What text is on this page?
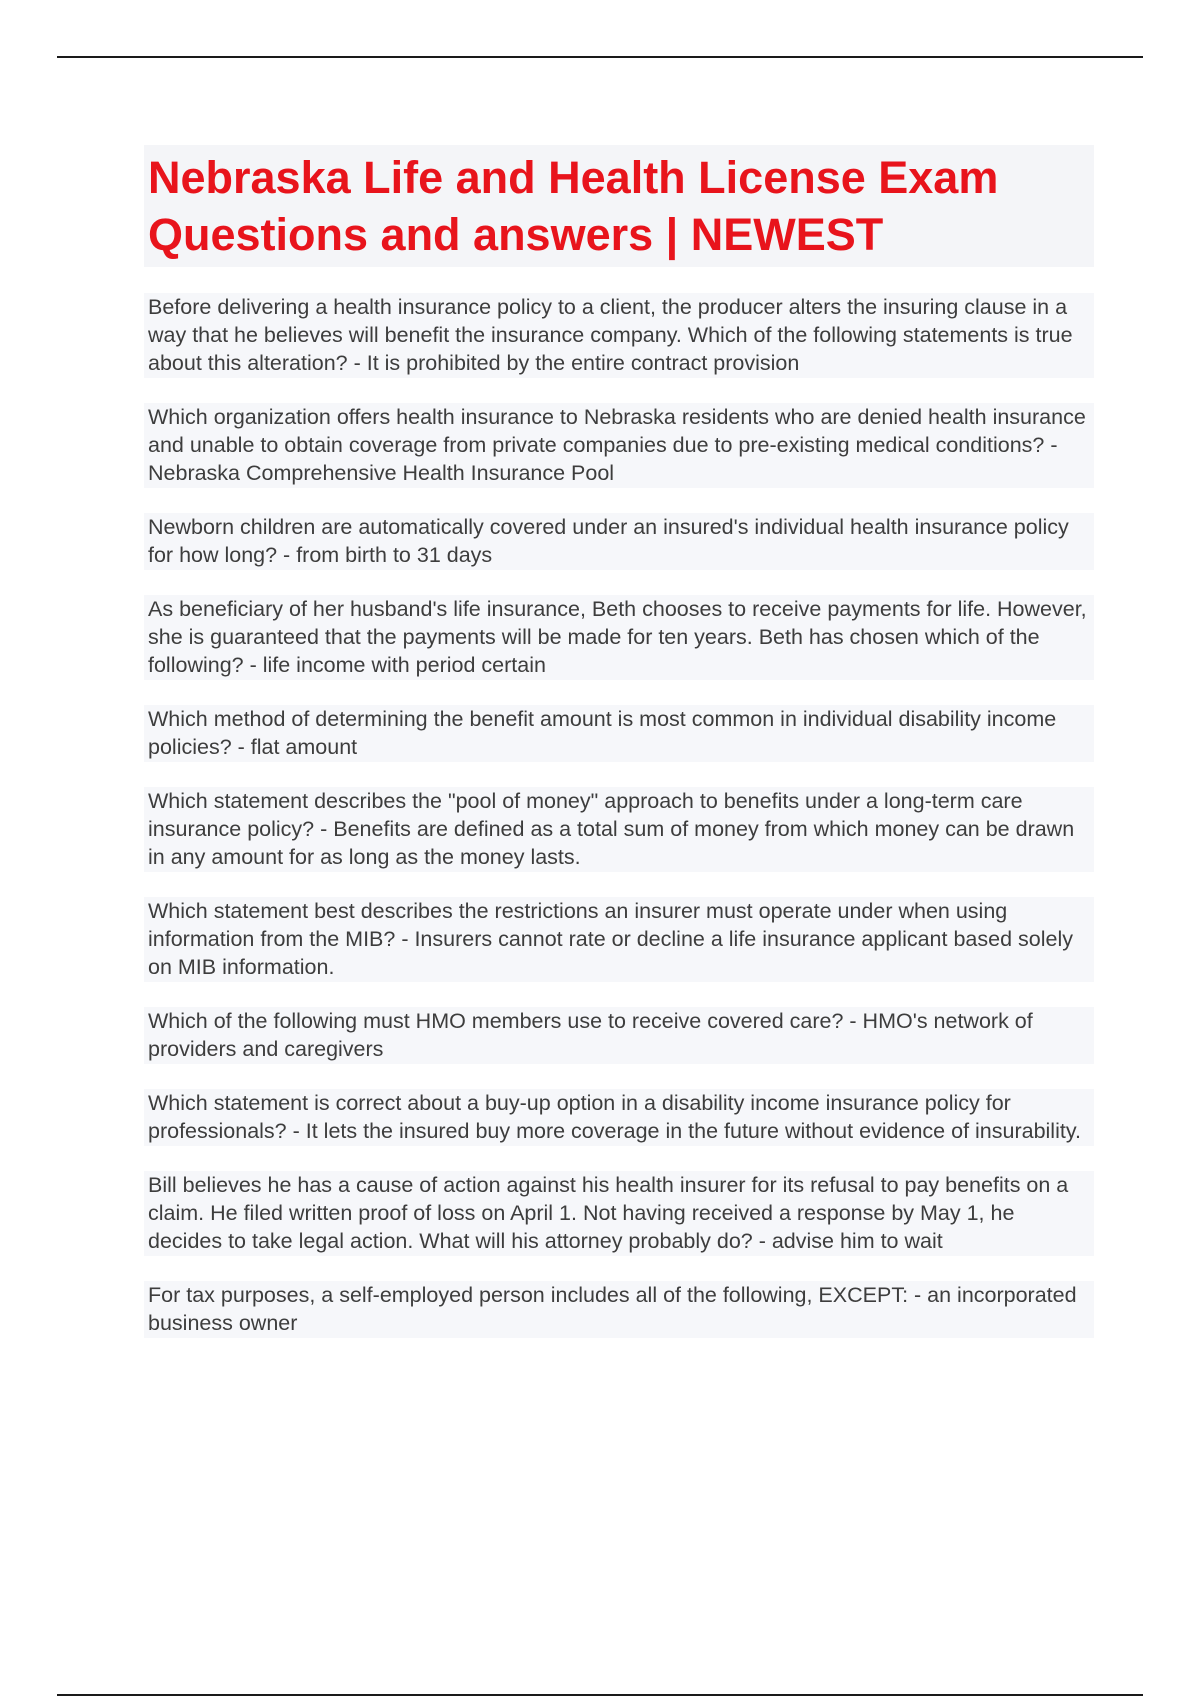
Nebraska Life and Health License Exam Questions and answers | NEWEST
Before delivering a health insurance policy to a client, the producer alters the insuring clause in a way that he believes will benefit the insurance company. Which of the following statements is true about this alteration? - It is prohibited by the entire contract provision
Which organization offers health insurance to Nebraska residents who are denied health insurance and unable to obtain coverage from private companies due to pre-existing medical conditions? - Nebraska Comprehensive Health Insurance Pool
Newborn children are automatically covered under an insured's individual health insurance policy for how long? - from birth to 31 days
As beneficiary of her husband's life insurance, Beth chooses to receive payments for life. However, she is guaranteed that the payments will be made for ten years. Beth has chosen which of the following? - life income with period certain
Which method of determining the benefit amount is most common in individual disability income policies? - flat amount
Which statement describes the "pool of money" approach to benefits under a long-term care insurance policy? - Benefits are defined as a total sum of money from which money can be drawn in any amount for as long as the money lasts.
Which statement best describes the restrictions an insurer must operate under when using information from the MIB? - Insurers cannot rate or decline a life insurance applicant based solely on MIB information.
Which of the following must HMO members use to receive covered care? - HMO's network of providers and caregivers
Which statement is correct about a buy-up option in a disability income insurance policy for professionals? - It lets the insured buy more coverage in the future without evidence of insurability.
Bill believes he has a cause of action against his health insurer for its refusal to pay benefits on a claim. He filed written proof of loss on April 1. Not having received a response by May 1, he decides to take legal action. What will his attorney probably do? - advise him to wait
For tax purposes, a self-employed person includes all of the following, EXCEPT: - an incorporated business owner
